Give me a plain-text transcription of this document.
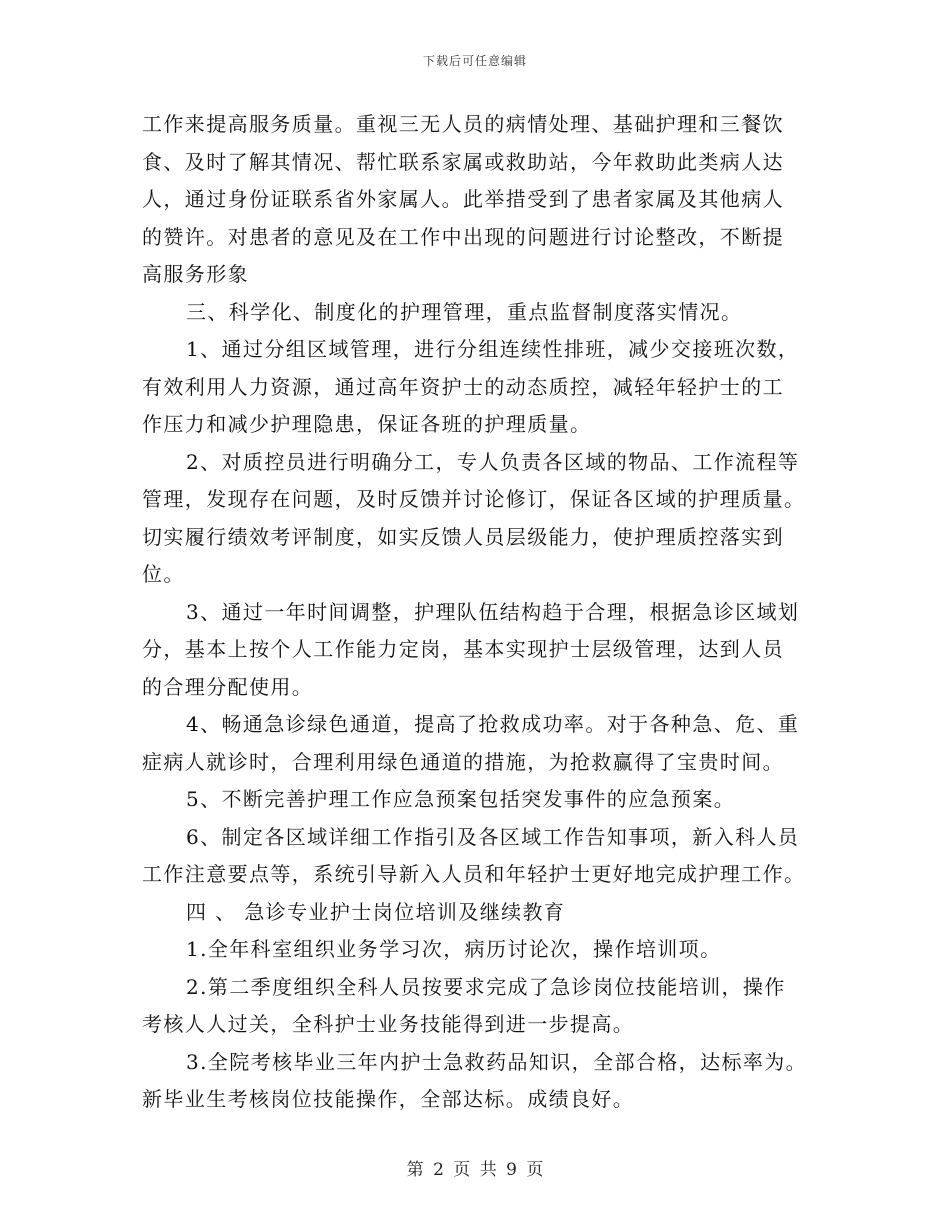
下载后可任意编辑
工作来提高服务质量。重视三无人员的病情处理、基础护理和三餐饮
食、及时了解其情况、帮忙联系家属或救助站，今年救助此类病人达
人，通过身份证联系省外家属人。此举措受到了患者家属及其他病人
的赞许。对患者的意见及在工作中出现的问题进行讨论整改，不断提
高服务形象
三、科学化、制度化的护理管理，重点监督制度落实情况。
1、通过分组区域管理，进行分组连续性排班，减少交接班次数，
有效利用人力资源，通过高年资护士的动态质控，减轻年轻护士的工
作压力和减少护理隐患，保证各班的护理质量。
2、对质控员进行明确分工，专人负责各区域的物品、工作流程等
管理，发现存在问题，及时反馈并讨论修订，保证各区域的护理质量。
切实履行绩效考评制度，如实反馈人员层级能力，使护理质控落实到
位。
3、通过一年时间调整，护理队伍结构趋于合理，根据急诊区域划
分，基本上按个人工作能力定岗，基本实现护士层级管理，达到人员
的合理分配使用。
4、畅通急诊绿色通道，提高了抢救成功率。对于各种急、危、重
症病人就诊时，合理利用绿色通道的措施，为抢救赢得了宝贵时间。
5、不断完善护理工作应急预案包括突发事件的应急预案。
6、制定各区域详细工作指引及各区域工作告知事项，新入科人员
工作注意要点等，系统引导新入人员和年轻护士更好地完成护理工作。
四 、 急诊专业护士岗位培训及继续教育
1.全年科室组织业务学习次，病历讨论次，操作培训项。
2.第二季度组织全科人员按要求完成了急诊岗位技能培训，操作
考核人人过关，全科护士业务技能得到进一步提高。
3.全院考核毕业三年内护士急救药品知识，全部合格，达标率为。
新毕业生考核岗位技能操作，全部达标。成绩良好。
第 2 页 共 9 页
